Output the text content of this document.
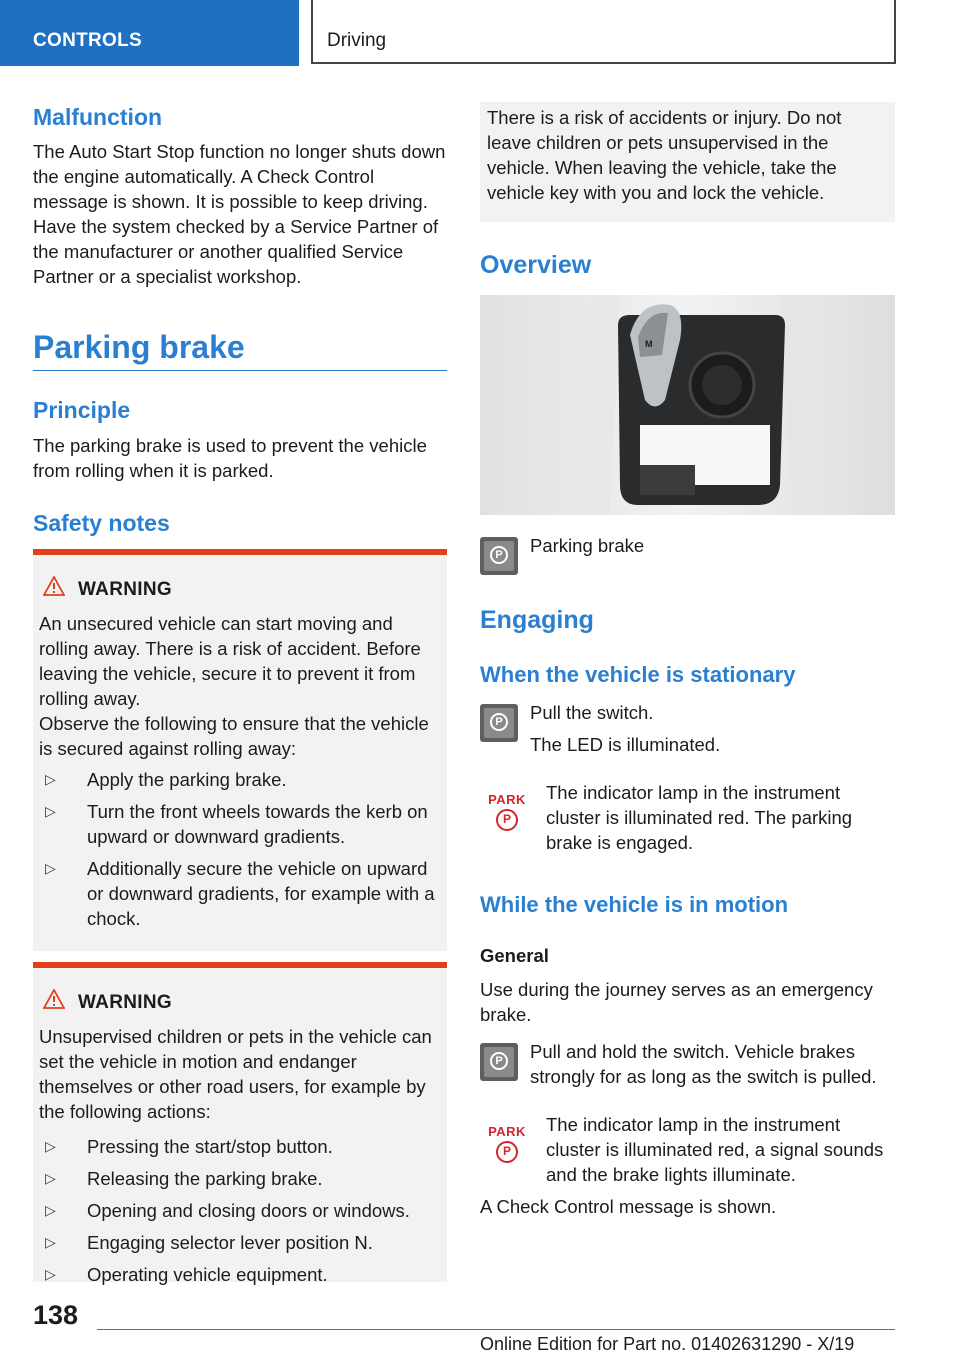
CONTROLS	Driving
Malfunction

The Auto Start Stop function no longer shuts down the engine automatically. A Check Control message is shown. It is possible to keep driving. Have the system checked by a Service Partner of the manufacturer or another qualified Service Partner or a specialist workshop.

Parking brake
Principle

The parking brake is used to prevent the vehicle from rolling when it is parked.

Safety notes
WARNING

An unsecured vehicle can start moving and rolling away. There is a risk of accident. Before leaving the vehicle, secure it to prevent it from rolling away.

Observe the following to ensure that the vehicle is secured against rolling away:

▷ Apply the parking brake.
▷ Turn the front wheels towards the kerb on upward or downward gradients.
▷ Additionally secure the vehicle on upward or downward gradients, for example with a chock.
WARNING

Unsupervised children or pets in the vehicle can set the vehicle in motion and endanger themselves or other road users, for example by the following actions:

▷ Pressing the start/stop button.
▷ Releasing the parking brake.
▷ Opening and closing doors or windows.
▷ Engaging selector lever position N.
▷ Operating vehicle equipment.

There is a risk of accidents or injury. Do not leave children or pets unsupervised in the vehicle. When leaving the vehicle, take the vehicle key with you and lock the vehicle.

Overview
M
P Parking brake

Engaging
When the vehicle is stationary
P Pull the switch.

The LED is illuminated.

PARK
P

The indicator lamp in the instrument cluster is illuminated red. The parking brake is engaged.

While the vehicle is in motion
General

Use during the journey serves as an emergency brake.

P Pull and hold the switch. Vehicle brakes strongly for as long as the switch is pulled.

PARK
P

The indicator lamp in the instrument cluster is illuminated red, a signal sounds and the brake lights illuminate.

A Check Control message is shown.

138
Online Edition for Part no. 01402631290 - X/19
